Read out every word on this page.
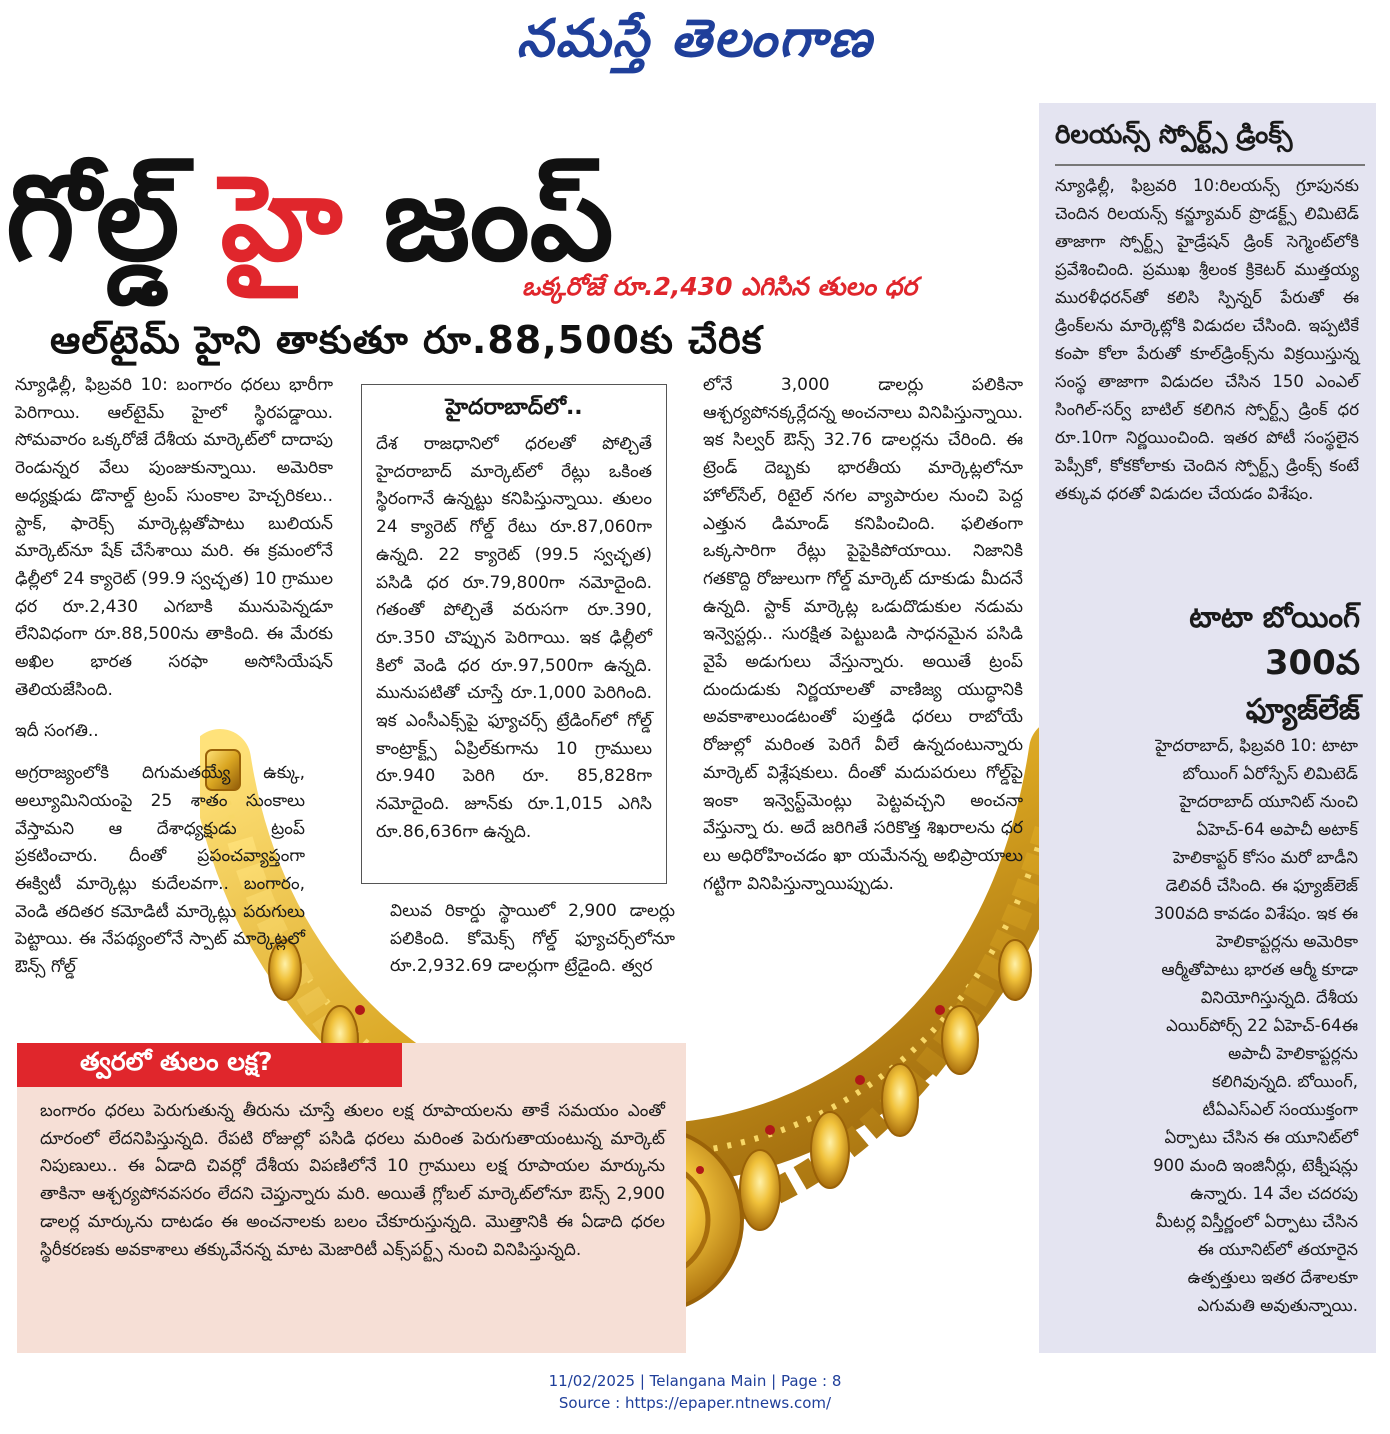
నమస్తే తెలంగాణ
గోల్డ్ హై జంప్
ఒక్కరోజే రూ.2,430 ఎగిసిన తులం ధర
ఆల్‌టైమ్ హైని తాకుతూ రూ.88,500కు చేరిక

న్యూఢిల్లీ, ఫిబ్రవరి 10: బంగారం ధరలు భారీగా పెరిగాయి. ఆల్‌టైమ్ హైలో స్థిరపడ్డాయి. సోమవారం ఒక్కరోజే దేశీయ మార్కెట్‌లో దాదాపు రెండున్నర వేలు పుంజుకున్నాయి. అమెరికా అధ్యక్షుడు డొనాల్డ్ ట్రంప్ సుంకాల హెచ్చరికలు.. స్టాక్, ఫారెక్స్ మార్కెట్లతోపాటు బులియన్ మార్కెట్‌నూ షేక్ చేసేశాయి మరి. ఈ క్రమంలోనే ఢిల్లీలో 24 క్యారెట్ (99.9 స్వచ్ఛత) 10 గ్రాముల ధర రూ.2,430 ఎగబాకి మునుపెన్నడూ లేనివిధంగా రూ.88,500ను తాకింది. ఈ మేరకు అఖిల భారత సరఫా అసోసియేషన్ తెలియజేసింది.

ఇదీ సంగతి..

అగ్రరాజ్యంలోకి దిగుమతయ్యే ఉక్కు, అల్యూమినియంపై 25 శాతం సుంకాలు వేస్తామని ఆ దేశాధ్యక్షుడు ట్రంప్ ప్రకటించారు. దీంతో ప్రపంచవ్యాప్తంగా ఈక్విటీ మార్కెట్లు కుదేలవగా.. బంగారం, వెండి తదితర కమోడిటీ మార్కెట్లు పరుగులు పెట్టాయి. ఈ నేపథ్యంలోనే స్పాట్ మార్కెట్లలో ఔన్స్ గోల్డ్

హైదరాబాద్‌లో..
దేశ రాజధానిలో ధరలతో పోల్చితే హైదరాబాద్ మార్కెట్‌లో రేట్లు ఒకింత స్థిరంగానే ఉన్నట్టు కనిపిస్తున్నాయి. తులం 24 క్యారెట్ గోల్డ్ రేటు రూ.87,060గా ఉన్నది. 22 క్యారెట్ (99.5 స్వచ్ఛత) పసిడి ధర రూ.79,800గా నమోదైంది. గతంతో పోల్చితే వరుసగా రూ.390, రూ.350 చొప్పున పెరిగాయి. ఇక ఢిల్లీలో కిలో వెండి ధర రూ.97,500గా ఉన్నది. మునుపటితో చూస్తే రూ.1,000 పెరిగింది. ఇక ఎంసీఎక్స్‌పై ఫ్యూచర్స్ ట్రేడింగ్‌లో గోల్డ్ కాంట్రాక్ట్స్ ఏప్రిల్‌కుగాను 10 గ్రాములు రూ.940 పెరిగి రూ. 85,828గా నమోదైంది. జూన్‌కు రూ.1,015 ఎగిసి రూ.86,636గా ఉన్నది.
విలువ రికార్డు స్థాయిలో 2,900 డాలర్లు పలికింది. కోమెక్స్ గోల్డ్ ఫ్యూచర్స్‌లోనూ రూ.2,932.69 డాలర్లుగా ట్రేడైంది. త్వర
లోనే 3,000 డాలర్లు పలికినా ఆశ్చర్యపోనక్కర్లేదన్న అంచనాలు వినిపిస్తున్నాయి. ఇక సిల్వర్ ఔన్స్ 32.76 డాలర్లను చేరింది. ఈ ట్రెండ్ దెబ్బకు భారతీయ మార్కెట్లలోనూ హోల్‌సేల్, రిటైల్ నగల వ్యాపారుల నుంచి పెద్ద ఎత్తున డిమాండ్ కనిపించింది. ఫలితంగా ఒక్కసారిగా రేట్లు పైపైకిపోయాయి. నిజానికి గతకొద్ది రోజులుగా గోల్డ్ మార్కెట్ దూకుడు మీదనే ఉన్నది. స్టాక్ మార్కెట్ల ఒడుదొడుకుల నడుమ ఇన్వెస్టర్లు.. సురక్షిత పెట్టుబడి సాధనమైన పసిడి వైపే అడుగులు వేస్తున్నారు. అయితే ట్రంప్ దుందుడుకు నిర్ణయాలతో వాణిజ్య యుద్ధానికి అవకాశాలుండటంతో పుత్తడి ధరలు రాబోయే రోజుల్లో మరింత పెరిగే వీలే ఉన్నదంటున్నారు మార్కెట్ విశ్లేషకులు. దీంతో మదుపరులు గోల్డ్‌పై ఇంకా ఇన్వెస్ట్‌మెంట్లు పెట్టవచ్చని అంచనా వేస్తున్నా రు. అదే జరిగితే సరికొత్త శిఖరాలను ధర లు అధిరోహించడం ఖా యమేనన్న అభిప్రాయాలు గట్టిగా వినిపిస్తున్నాయిప్పుడు.
రిలయన్స్ స్పోర్ట్స్ డ్రింక్స్
న్యూఢిల్లీ, ఫిబ్రవరి 10:రిలయన్స్ గ్రూపునకు చెందిన రిలయన్స్ కన్జ్యూమర్ ప్రొడక్ట్స్ లిమిటెడ్ తాజాగా స్పోర్ట్స్ హైడ్రేషన్ డ్రింక్ సెగ్మెంట్‌లోకి ప్రవేశించింది. ప్రముఖ శ్రీలంక క్రికెటర్ ముత్తయ్య మురళీధరన్‌తో కలిసి స్పిన్నర్ పేరుతో ఈ డ్రింక్‌లను మార్కెట్లోకి విడుదల చేసింది. ఇప్పటికే కంపా కోలా పేరుతో కూల్‌డ్రింక్స్‌ను విక్రయిస్తున్న సంస్థ తాజాగా విడుదల చేసిన 150 ఎంఎల్ సింగిల్-సర్వ్ బాటిల్ కలిగిన స్పోర్ట్స్ డ్రింక్ ధర రూ.10గా నిర్ణయించింది. ఇతర పోటీ సంస్థలైన పెప్సీకో, కోకకోలాకు చెందిన స్పోర్ట్స్ డ్రింక్స్ కంటే తక్కువ ధరతో విడుదల చేయడం విశేషం.
టాటా బోయింగ్
300వ
ఫ్యూజ్‌లేజ్
హైదరాబాద్, ఫిబ్రవరి 10: టాటా బోయింగ్ ఏరోస్పేస్ లిమిటెడ్ హైదరాబాద్ యూనిట్ నుంచి ఏహెచ్-64 అపాచీ అటాక్ హెలికాప్టర్ కోసం మరో బాడీని డెలివరీ చేసింది. ఈ ఫ్యూజ్‌లెజ్ 300వది కావడం విశేషం. ఇక ఈ హెలికాప్టర్లను అమెరికా ఆర్మీతోపాటు భారత ఆర్మీ కూడా వినియోగిస్తున్నది. దేశీయ ఎయిర్‌పోర్స్ 22 ఏహెచ్-64ఈ అపాచీ హెలికాప్టర్లను కలిగివున్నది. బోయింగ్, టీఏఎస్ఎల్ సంయుక్తంగా ఏర్పాటు చేసిన ఈ యూనిట్‌లో 900 మంది ఇంజినీర్లు, టెక్నీషన్లు ఉన్నారు. 14 వేల చదరపు మీటర్ల విస్తీర్ణంలో ఏర్పాటు చేసిన ఈ యూనిట్‌లో తయారైన ఉత్పత్తులు ఇతర దేశాలకూ ఎగుమతి అవుతున్నాయి.
త్వరలో తులం లక్ష?
బంగారం ధరలు పెరుగుతున్న తీరును చూస్తే తులం లక్ష రూపాయలను తాకే సమయం ఎంతో దూరంలో లేదనిపిస్తున్నది. రేపటి రోజుల్లో పసిడి ధరలు మరింత పెరుగుతాయంటున్న మార్కెట్ నిపుణులు.. ఈ ఏడాది చివర్లో దేశీయ విపణిలోనే 10 గ్రాములు లక్ష రూపాయల మార్కును తాకినా ఆశ్చర్యపోనవసరం లేదని చెప్తున్నారు మరి. అయితే గ్లోబల్ మార్కెట్‌లోనూ ఔన్స్ 2,900 డాలర్ల మార్కును దాటడం ఈ అంచనాలకు బలం చేకూరుస్తున్నది. మొత్తానికి ఈ ఏడాది ధరల స్థిరీకరణకు అవకాశాలు తక్కువేనన్న మాట మెజారిటీ ఎక్స్‌పర్ట్స్ నుంచి వినిపిస్తున్నది.
11/02/2025 | Telangana Main | Page : 8
Source : https://epaper.ntnews.com/
